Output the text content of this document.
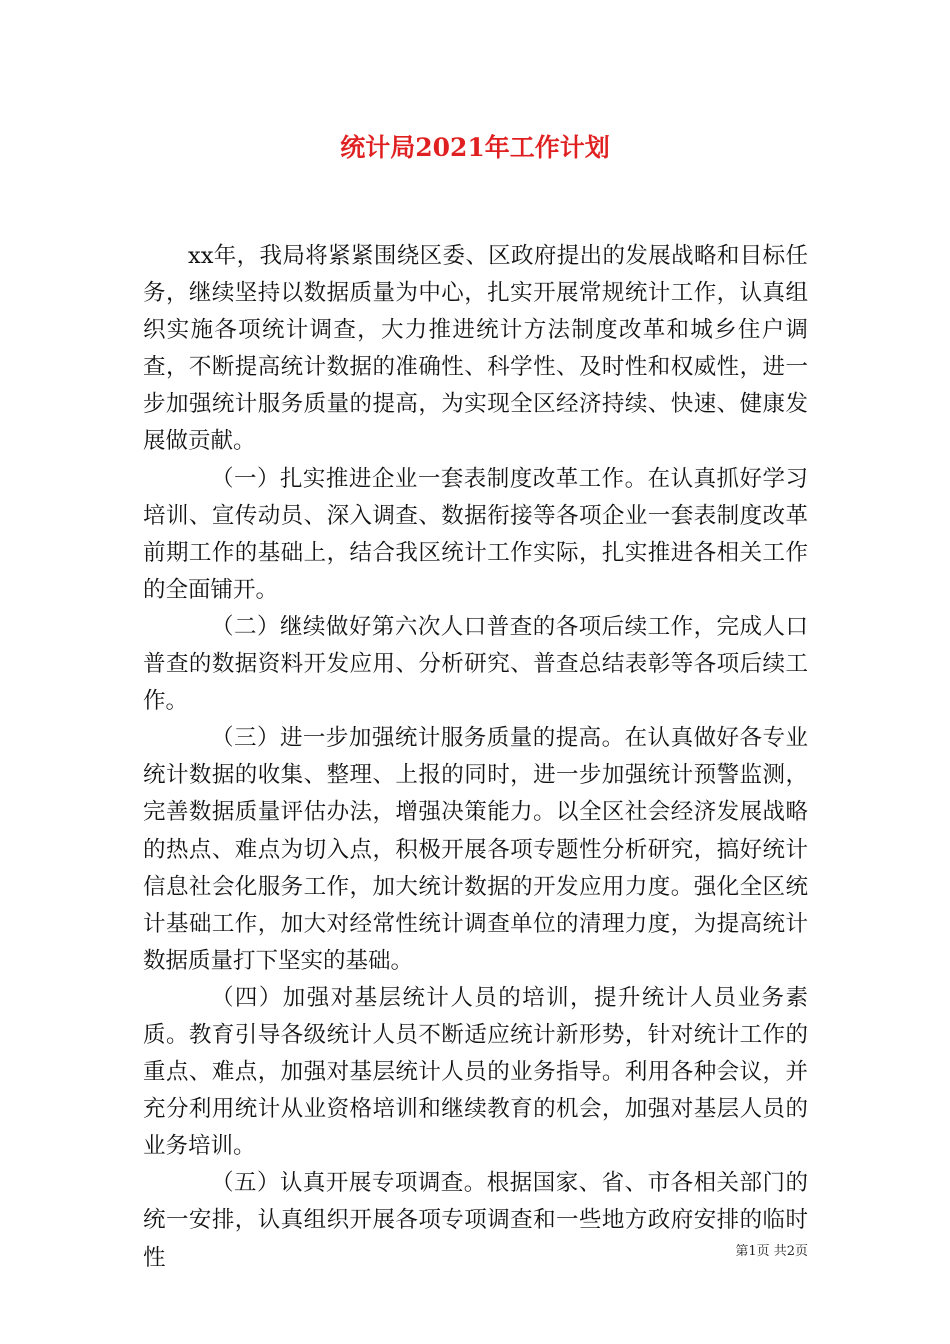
统计局2021年工作计划

xx年，我局将紧紧围绕区委、区政府提出的发展战略和目标任务，继续坚持以数据质量为中心，扎实开展常规统计工作，认真组织实施各项统计调查，大力推进统计方法制度改革和城乡住户调查，不断提高统计数据的准确性、科学性、及时性和权威性，进一步加强统计服务质量的提高，为实现全区经济持续、快速、健康发展做贡献。

（一）扎实推进企业一套表制度改革工作。在认真抓好学习培训、宣传动员、深入调查、数据衔接等各项企业一套表制度改革前期工作的基础上，结合我区统计工作实际，扎实推进各相关工作的全面铺开。

（二）继续做好第六次人口普查的各项后续工作，完成人口普查的数据资料开发应用、分析研究、普查总结表彰等各项后续工作。

（三）进一步加强统计服务质量的提高。在认真做好各专业统计数据的收集、整理、上报的同时，进一步加强统计预警监测，完善数据质量评估办法，增强决策能力。以全区社会经济发展战略的热点、难点为切入点，积极开展各项专题性分析研究，搞好统计信息社会化服务工作，加大统计数据的开发应用力度。强化全区统计基础工作，加大对经常性统计调查单位的清理力度，为提高统计数据质量打下坚实的基础。

（四）加强对基层统计人员的培训，提升统计人员业务素质。教育引导各级统计人员不断适应统计新形势，针对统计工作的重点、难点，加强对基层统计人员的业务指导。利用各种会议，并充分利用统计从业资格培训和继续教育的机会，加强对基层人员的业务培训。

（五）认真开展专项调查。根据国家、省、市各相关部门的统一安排，认真组织开展各项专项调查和一些地方政府安排的临时性	第1页 共2页
